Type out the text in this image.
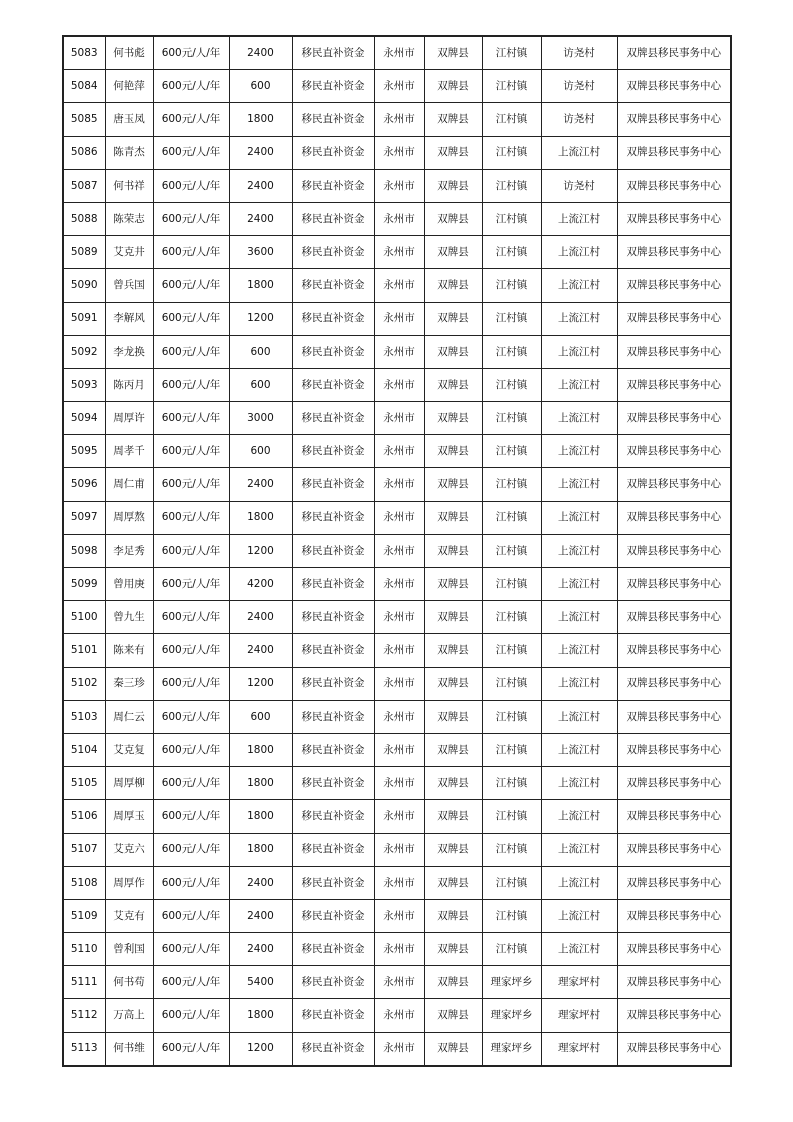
5083	何书彪	600元/人/年	2400	移民直补资金	永州市	双牌县	江村镇	访尧村	双牌县移民事务中心
5084	何艳萍	600元/人/年	600	移民直补资金	永州市	双牌县	江村镇	访尧村	双牌县移民事务中心
5085	唐玉凤	600元/人/年	1800	移民直补资金	永州市	双牌县	江村镇	访尧村	双牌县移民事务中心
5086	陈青杰	600元/人/年	2400	移民直补资金	永州市	双牌县	江村镇	上流江村	双牌县移民事务中心
5087	何书祥	600元/人/年	2400	移民直补资金	永州市	双牌县	江村镇	访尧村	双牌县移民事务中心
5088	陈荣志	600元/人/年	2400	移民直补资金	永州市	双牌县	江村镇	上流江村	双牌县移民事务中心
5089	艾克井	600元/人/年	3600	移民直补资金	永州市	双牌县	江村镇	上流江村	双牌县移民事务中心
5090	曾兵国	600元/人/年	1800	移民直补资金	永州市	双牌县	江村镇	上流江村	双牌县移民事务中心
5091	李解风	600元/人/年	1200	移民直补资金	永州市	双牌县	江村镇	上流江村	双牌县移民事务中心
5092	李龙换	600元/人/年	600	移民直补资金	永州市	双牌县	江村镇	上流江村	双牌县移民事务中心
5093	陈丙月	600元/人/年	600	移民直补资金	永州市	双牌县	江村镇	上流江村	双牌县移民事务中心
5094	周厚许	600元/人/年	3000	移民直补资金	永州市	双牌县	江村镇	上流江村	双牌县移民事务中心
5095	周孝千	600元/人/年	600	移民直补资金	永州市	双牌县	江村镇	上流江村	双牌县移民事务中心
5096	周仁甫	600元/人/年	2400	移民直补资金	永州市	双牌县	江村镇	上流江村	双牌县移民事务中心
5097	周厚熬	600元/人/年	1800	移民直补资金	永州市	双牌县	江村镇	上流江村	双牌县移民事务中心
5098	李足秀	600元/人/年	1200	移民直补资金	永州市	双牌县	江村镇	上流江村	双牌县移民事务中心
5099	曾用庚	600元/人/年	4200	移民直补资金	永州市	双牌县	江村镇	上流江村	双牌县移民事务中心
5100	曾九生	600元/人/年	2400	移民直补资金	永州市	双牌县	江村镇	上流江村	双牌县移民事务中心
5101	陈来有	600元/人/年	2400	移民直补资金	永州市	双牌县	江村镇	上流江村	双牌县移民事务中心
5102	秦三珍	600元/人/年	1200	移民直补资金	永州市	双牌县	江村镇	上流江村	双牌县移民事务中心
5103	周仁云	600元/人/年	600	移民直补资金	永州市	双牌县	江村镇	上流江村	双牌县移民事务中心
5104	艾克复	600元/人/年	1800	移民直补资金	永州市	双牌县	江村镇	上流江村	双牌县移民事务中心
5105	周厚柳	600元/人/年	1800	移民直补资金	永州市	双牌县	江村镇	上流江村	双牌县移民事务中心
5106	周厚玉	600元/人/年	1800	移民直补资金	永州市	双牌县	江村镇	上流江村	双牌县移民事务中心
5107	艾克六	600元/人/年	1800	移民直补资金	永州市	双牌县	江村镇	上流江村	双牌县移民事务中心
5108	周厚作	600元/人/年	2400	移民直补资金	永州市	双牌县	江村镇	上流江村	双牌县移民事务中心
5109	艾克有	600元/人/年	2400	移民直补资金	永州市	双牌县	江村镇	上流江村	双牌县移民事务中心
5110	曾利国	600元/人/年	2400	移民直补资金	永州市	双牌县	江村镇	上流江村	双牌县移民事务中心
5111	何书苟	600元/人/年	5400	移民直补资金	永州市	双牌县	理家坪乡	理家坪村	双牌县移民事务中心
5112	万高上	600元/人/年	1800	移民直补资金	永州市	双牌县	理家坪乡	理家坪村	双牌县移民事务中心
5113	何书维	600元/人/年	1200	移民直补资金	永州市	双牌县	理家坪乡	理家坪村	双牌县移民事务中心
